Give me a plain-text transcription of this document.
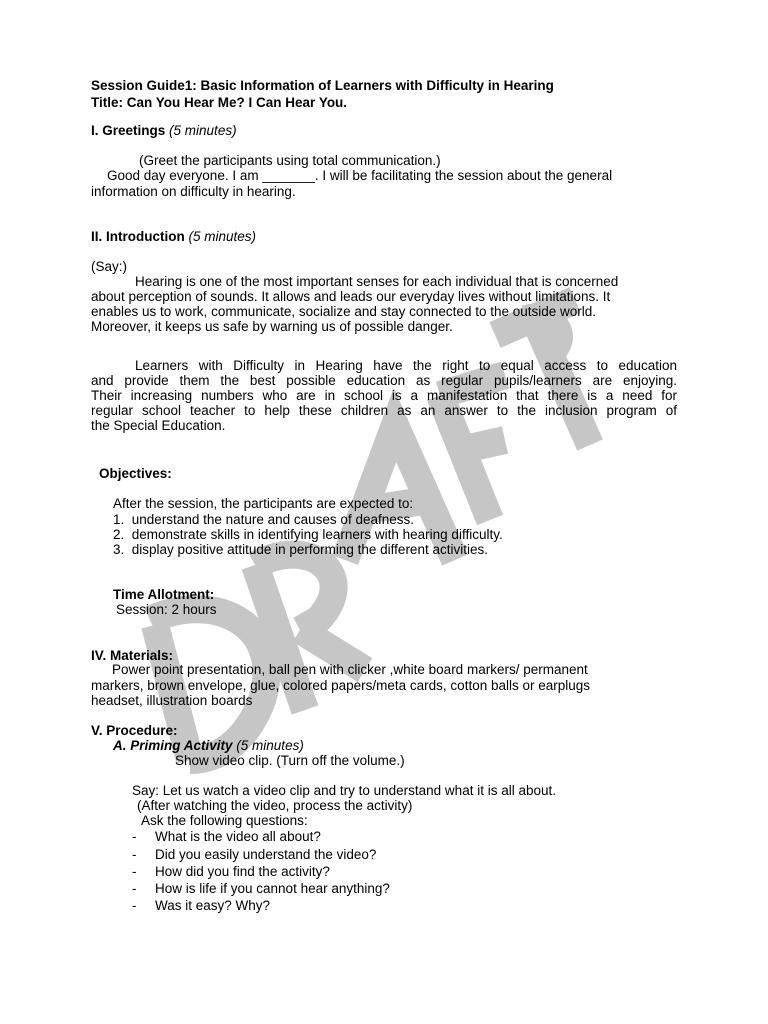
Session Guide1: Basic Information of Learners with Difficulty in Hearing
Title: Can You Hear Me? I Can Hear You.
I. Greetings (5 minutes)
(Greet the participants using total communication.)
Good day everyone. I am _______. I will be facilitating the session about the general
information on difficulty in hearing.
II. Introduction (5 minutes)
(Say:)
Hearing is one of the most important senses for each individual that is concerned
about perception of sounds. It allows and leads our everyday lives without limitations. It
enables us to work, communicate, socialize and stay connected to the outside world.
Moreover, it keeps us safe by warning us of possible danger.
Learners with Difficulty in Hearing have the right to equal access to education
and provide them the best possible education as regular pupils/learners are enjoying.
Their increasing numbers who are in school is a manifestation that there is a need for
regular school teacher to help these children as an answer to the inclusion program of
the Special Education.
Objectives:
After the session, the participants are expected to:
1. understand the nature and causes of deafness.
2. demonstrate skills in identifying learners with hearing difficulty.
3. display positive attitude in performing the different activities.
Time Allotment:
Session: 2 hours
IV. Materials:
Power point presentation, ball pen with clicker ,white board markers/ permanent
markers, brown envelope, glue, colored papers/meta cards, cotton balls or earplugs
headset, illustration boards
V. Procedure:
A. Priming Activity (5 minutes)
Show video clip. (Turn off the volume.)
Say: Let us watch a video clip and try to understand what it is all about.
(After watching the video, process the activity)
Ask the following questions:
- What is the video all about?
- Did you easily understand the video?
- How did you find the activity?
- How is life if you cannot hear anything?
- Was it easy? Why?
